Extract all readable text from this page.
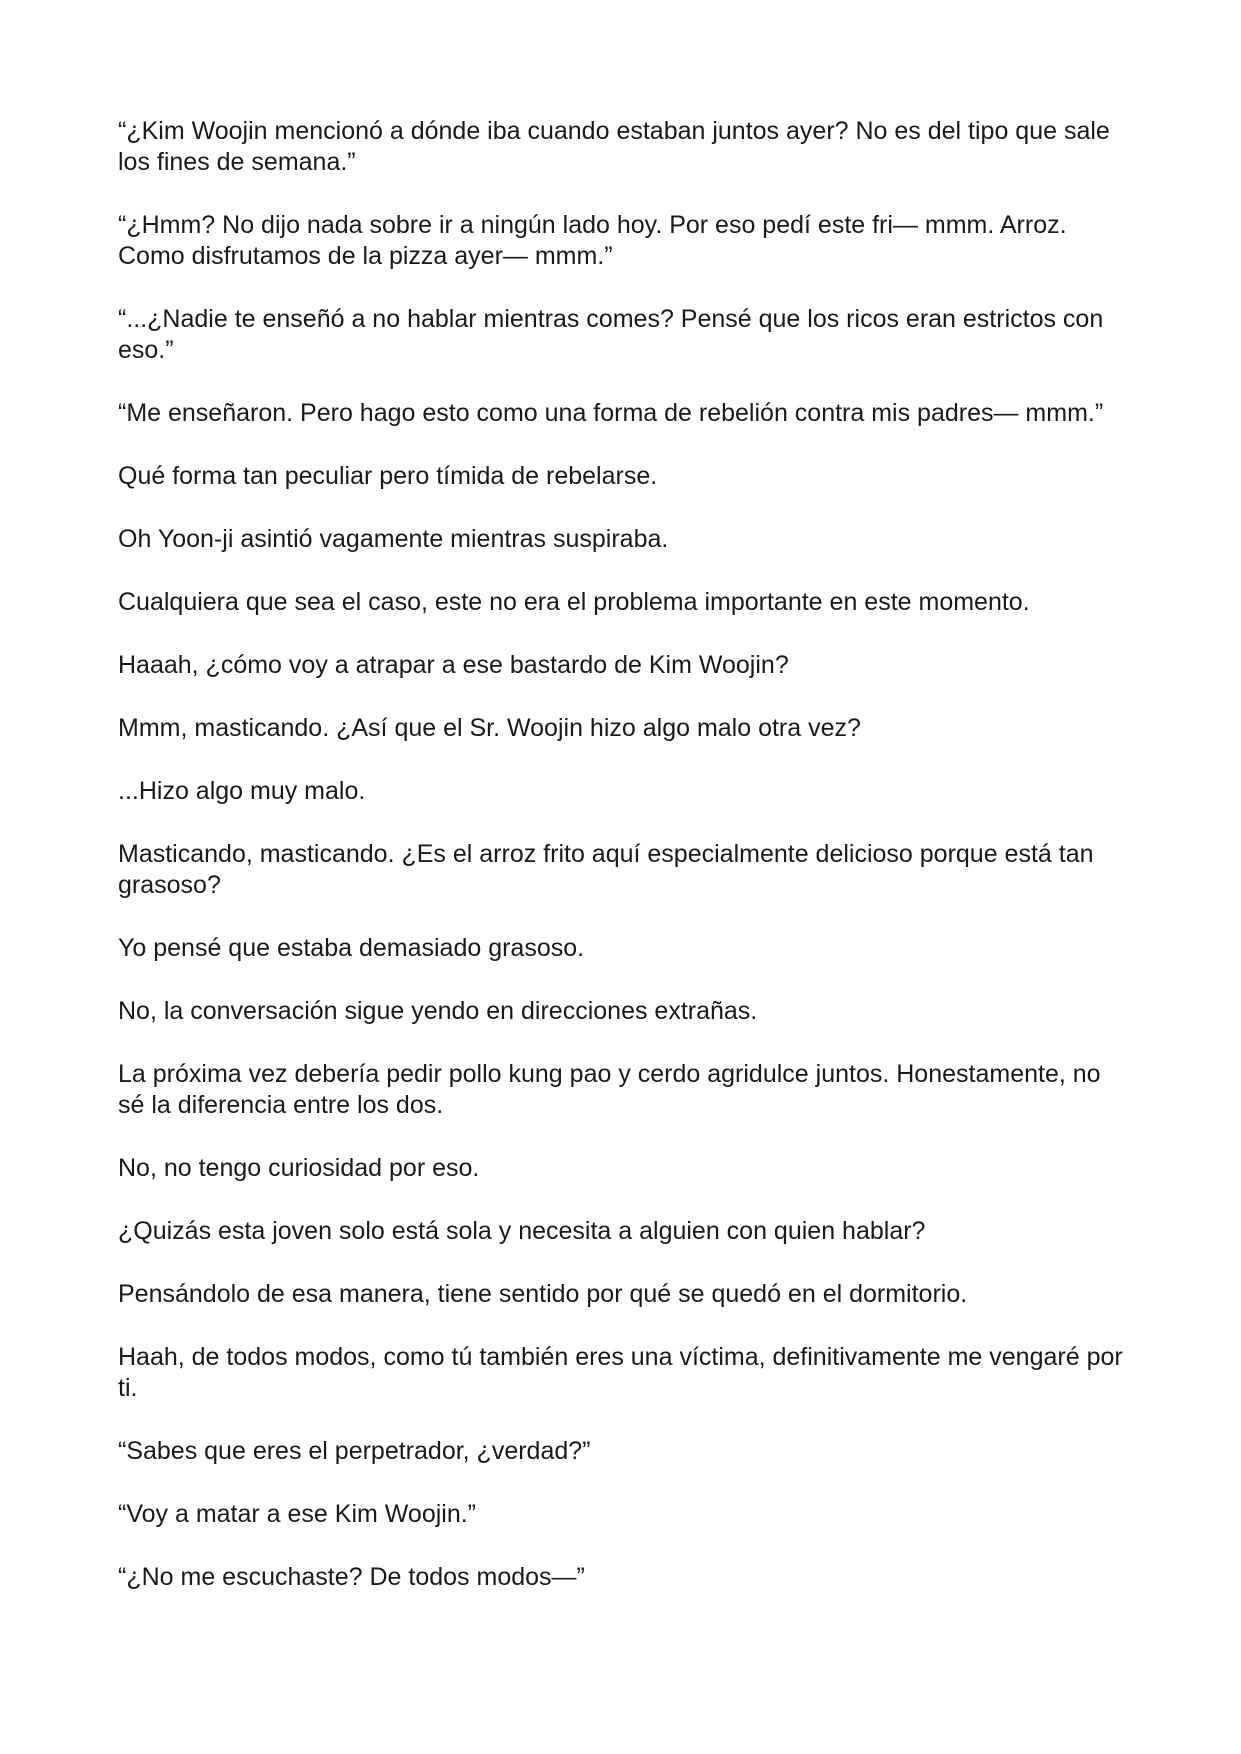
“¿Kim Woojin mencionó a dónde iba cuando estaban juntos ayer? No es del tipo que sale los fines de semana.”

“¿Hmm? No dijo nada sobre ir a ningún lado hoy. Por eso pedí este fri— mmm. Arroz. Como disfrutamos de la pizza ayer— mmm.”

“...¿Nadie te enseñó a no hablar mientras comes? Pensé que los ricos eran estrictos con eso.”

“Me enseñaron. Pero hago esto como una forma de rebelión contra mis padres— mmm.”

Qué forma tan peculiar pero tímida de rebelarse.

Oh Yoon-ji asintió vagamente mientras suspiraba.

Cualquiera que sea el caso, este no era el problema importante en este momento.

Haaah, ¿cómo voy a atrapar a ese bastardo de Kim Woojin?

Mmm, masticando. ¿Así que el Sr. Woojin hizo algo malo otra vez?

...Hizo algo muy malo.

Masticando, masticando. ¿Es el arroz frito aquí especialmente delicioso porque está tan grasoso?

Yo pensé que estaba demasiado grasoso.

No, la conversación sigue yendo en direcciones extrañas.

La próxima vez debería pedir pollo kung pao y cerdo agridulce juntos. Honestamente, no sé la diferencia entre los dos.

No, no tengo curiosidad por eso.

¿Quizás esta joven solo está sola y necesita a alguien con quien hablar?

Pensándolo de esa manera, tiene sentido por qué se quedó en el dormitorio.

Haah, de todos modos, como tú también eres una víctima, definitivamente me vengaré por ti.

“Sabes que eres el perpetrador, ¿verdad?”

“Voy a matar a ese Kim Woojin.”

“¿No me escuchaste? De todos modos—”
